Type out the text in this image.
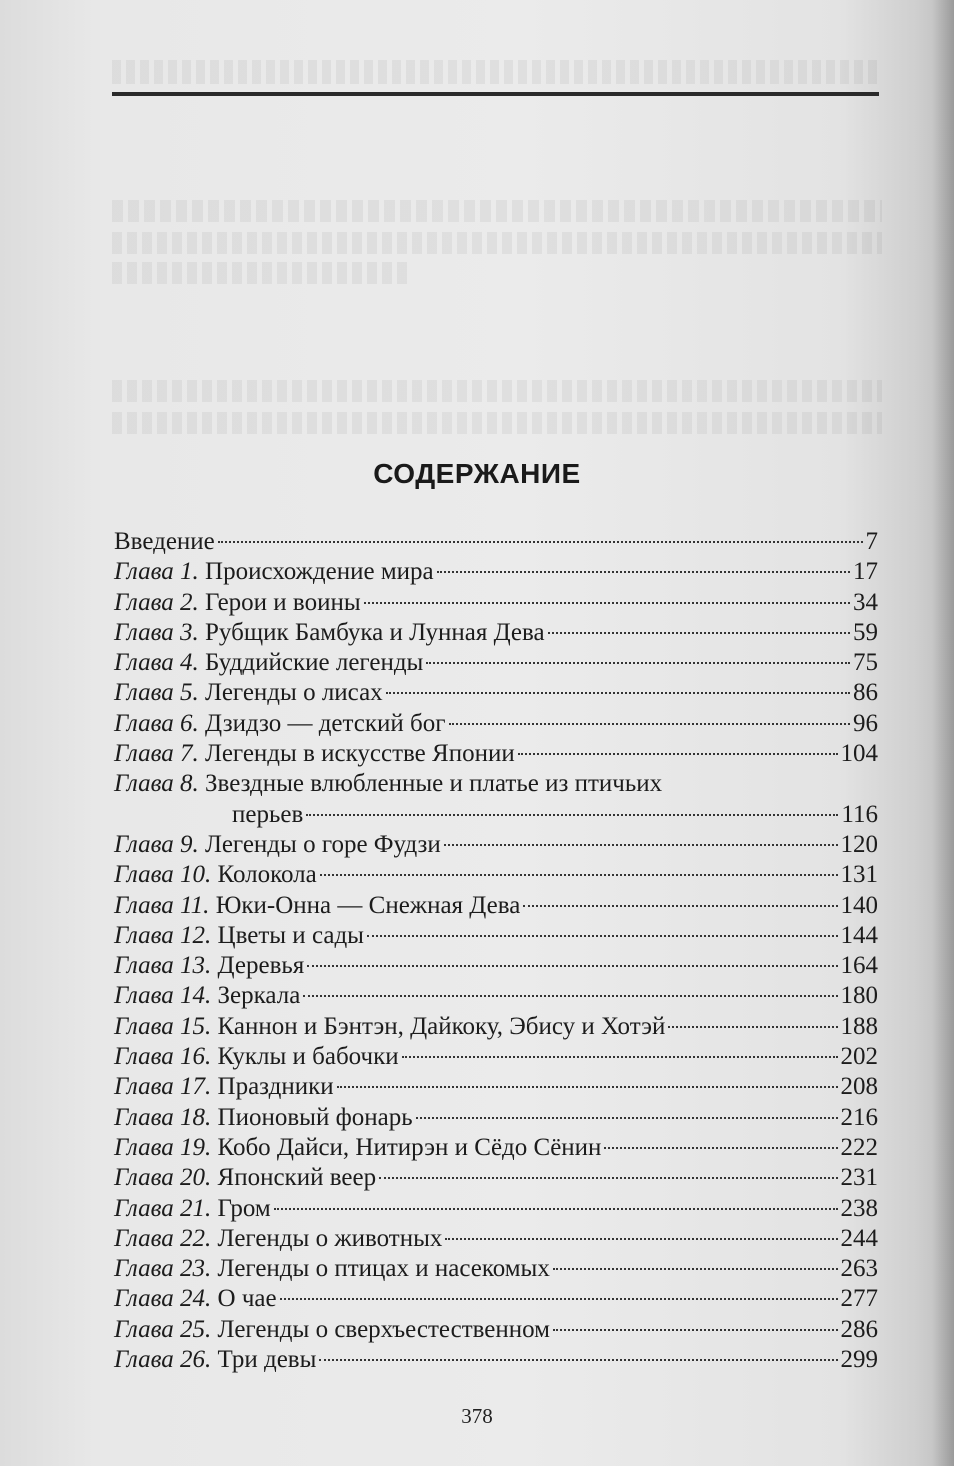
СОДЕРЖАНИЕ
Введение	7
Глава 1. Происхождение мира	17
Глава 2. Герои и воины	34
Глава 3. Рубщик Бамбука и Лунная Дева	59
Глава 4. Буддийские легенды	75
Глава 5. Легенды о лисах	86
Глава 6. Дзидзо — детский бог	96
Глава 7. Легенды в искусстве Японии	104
Глава 8. Звездные влюбленные и платье из птичьих
перьев	116
Глава 9. Легенды о горе Фудзи	120
Глава 10. Колокола	131
Глава 11. Юки-Онна — Снежная Дева	140
Глава 12. Цветы и сады	144
Глава 13. Деревья	164
Глава 14. Зеркала	180
Глава 15. Каннон и Бэнтэн, Дайкоку, Эбису и Хотэй	188
Глава 16. Куклы и бабочки	202
Глава 17. Праздники	208
Глава 18. Пионовый фонарь	216
Глава 19. Кобо Дайси, Нитирэн и Сёдо Сёнин	222
Глава 20. Японский веер	231
Глава 21. Гром	238
Глава 22. Легенды о животных	244
Глава 23. Легенды о птицах и насекомых	263
Глава 24. О чае	277
Глава 25. Легенды о сверхъестественном	286
Глава 26. Три девы	299
378
